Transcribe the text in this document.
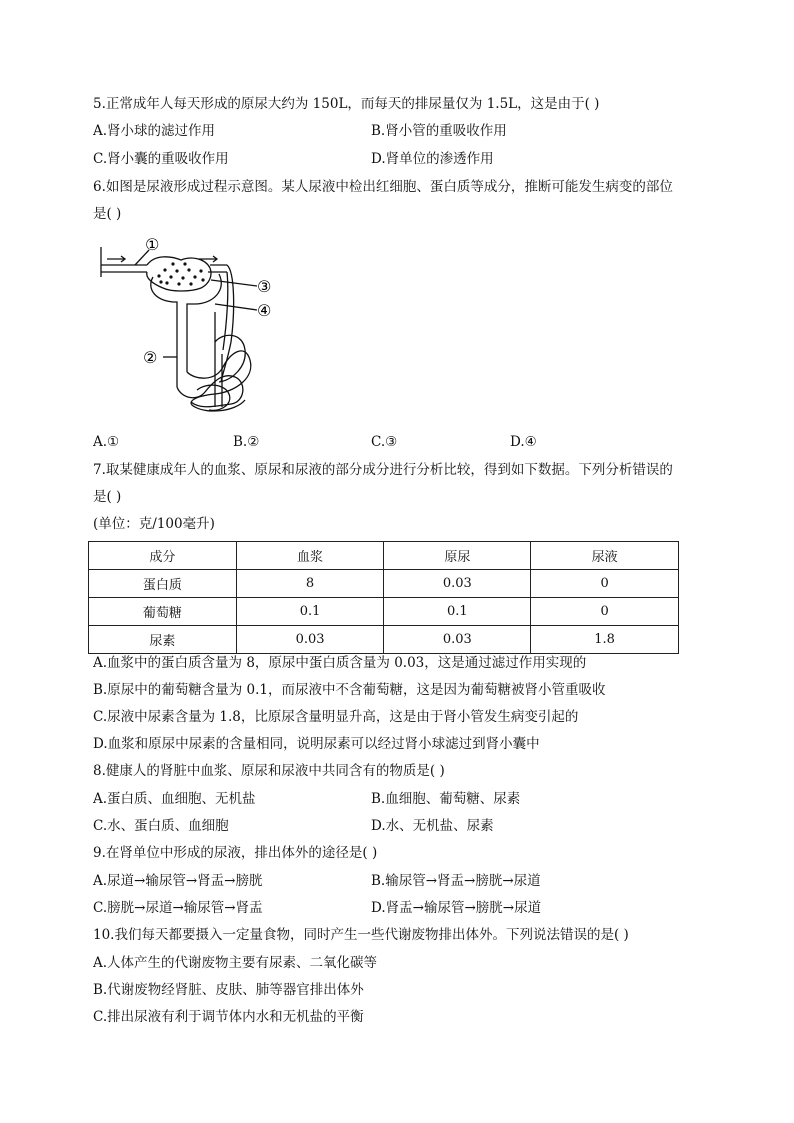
5.正常成年人每天形成的原尿大约为 150L，而每天的排尿量仅为 1.5L，这是由于( )
A.肾小球的滤过作用	B.肾小管的重吸收作用
C.肾小囊的重吸收作用	D.肾单位的渗透作用
6.如图是尿液形成过程示意图。某人尿液中检出红细胞、蛋白质等成分，推断可能发生病变的部位
是( )
①
③
④
②
A.①	B.②	C.③	D.④
7.取某健康成年人的血浆、原尿和尿液的部分成分进行分析比较，得到如下数据。下列分析错误的
是( )
(单位：克/100毫升)
成分	血浆	原尿	尿液
蛋白质	8	0.03	0
葡萄糖	0.1	0.1	0
尿素	0.03	0.03	1.8
A.血浆中的蛋白质含量为 8，原尿中蛋白质含量为 0.03，这是通过滤过作用实现的
B.原尿中的葡萄糖含量为 0.1，而尿液中不含葡萄糖，这是因为葡萄糖被肾小管重吸收
C.尿液中尿素含量为 1.8，比原尿含量明显升高，这是由于肾小管发生病变引起的
D.血浆和原尿中尿素的含量相同，说明尿素可以经过肾小球滤过到肾小囊中
8.健康人的肾脏中血浆、原尿和尿液中共同含有的物质是( )
A.蛋白质、血细胞、无机盐	B.血细胞、葡萄糖、尿素
C.水、蛋白质、血细胞	D.水、无机盐、尿素
9.在肾单位中形成的尿液，排出体外的途径是( )
A.尿道→输尿管→肾盂→膀胱	B.输尿管→肾盂→膀胱→尿道
C.膀胱→尿道→输尿管→肾盂	D.肾盂→输尿管→膀胱→尿道
10.我们每天都要摄入一定量食物，同时产生一些代谢废物排出体外。下列说法错误的是( )
A.人体产生的代谢废物主要有尿素、二氧化碳等
B.代谢废物经肾脏、皮肤、肺等器官排出体外
C.排出尿液有利于调节体内水和无机盐的平衡
